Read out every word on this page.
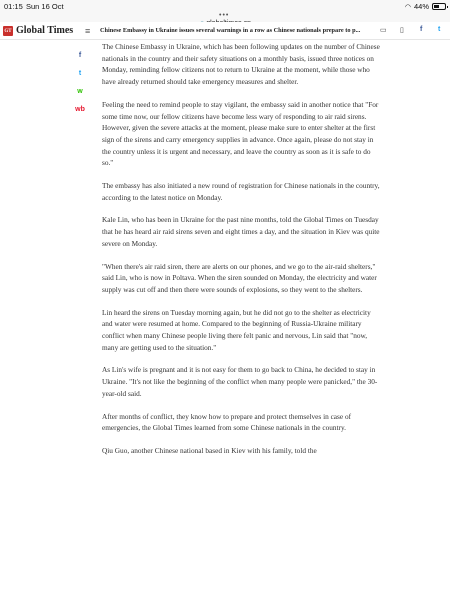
01:15 Sun 16 Oct	◠ 44%
•••
GT Global Times ≡ Chinese Embassy in Ukraine issues several warnings in a row as Chinese nationals prepare to p...	▭ ▯ f t
f
t
w
wb

The Chinese Embassy in Ukraine, which has been following updates on the number of Chinese nationals in the country and their safety situations on a monthly basis, issued three notices on Monday, reminding fellow citizens not to return to Ukraine at the moment, while those who have already returned should take emergency measures and shelter.

Feeling the need to remind people to stay vigilant, the embassy said in another notice that "For some time now, our fellow citizens have become less wary of responding to air raid sirens. However, given the severe attacks at the moment, please make sure to enter shelter at the first sign of the sirens and carry emergency supplies in advance. Once again, please do not stay in the country unless it is urgent and necessary, and leave the country as soon as it is safe to do so."

The embassy has also initiated a new round of registration for Chinese nationals in the country, according to the latest notice on Monday.

Kale Lin, who has been in Ukraine for the past nine months, told the Global Times on Tuesday that he has heard air raid sirens seven and eight times a day, and the situation in Kiev was quite severe on Monday.

"When there's air raid siren, there are alerts on our phones, and we go to the air-raid shelters," said Lin, who is now in Poltava. When the siren sounded on Monday, the electricity and water supply was cut off and then there were sounds of explosions, so they went to the shelters.

Lin heard the sirens on Tuesday morning again, but he did not go to the shelter as electricity and water were resumed at home. Compared to the beginning of Russia-Ukraine military conflict when many Chinese people living there felt panic and nervous, Lin said that "now, many are getting used to the situation."

As Lin's wife is pregnant and it is not easy for them to go back to China, he decided to stay in Ukraine. "It's not like the beginning of the conflict when many people were panicked," the 30-year-old said.

After months of conflict, they know how to prepare and protect themselves in case of emergencies, the Global Times learned from some Chinese nationals in the country.

Qiu Guo, another Chinese national based in Kiev with his family, told the
